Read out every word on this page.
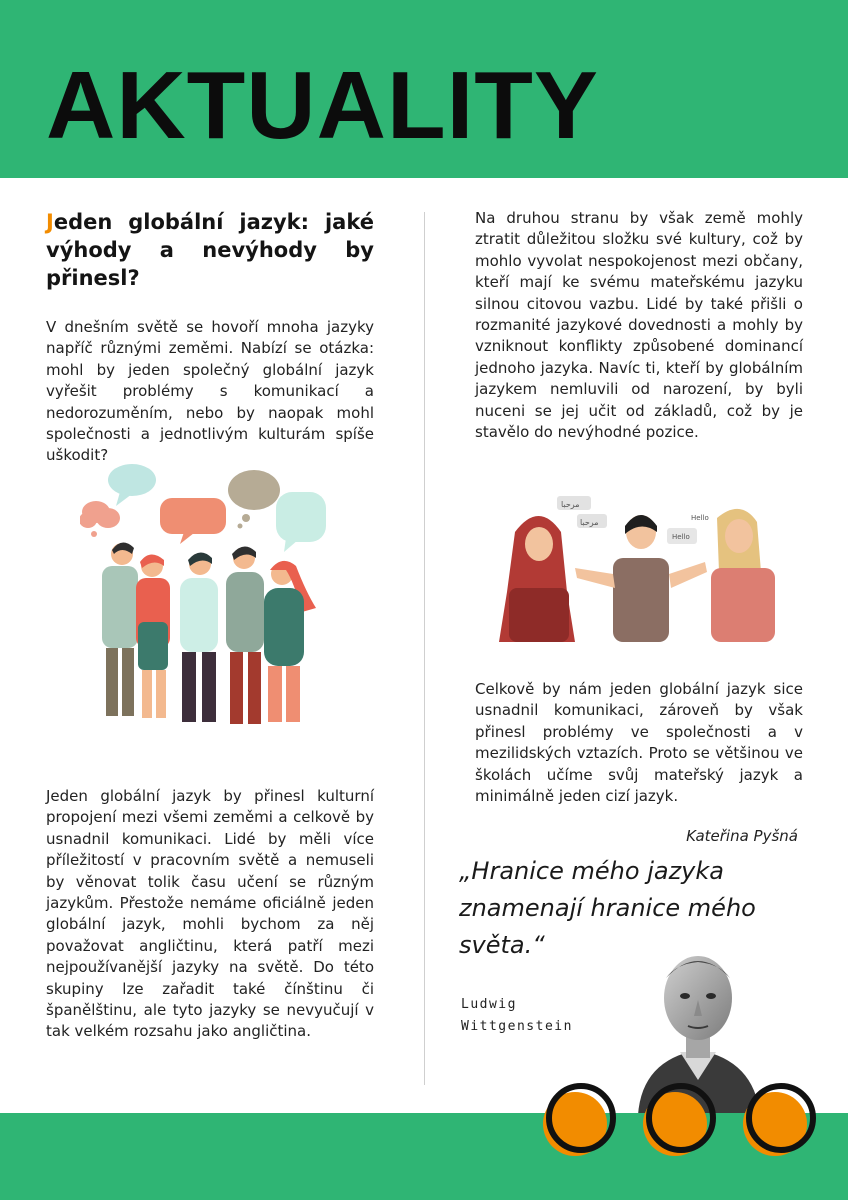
AKTUALITY
Jeden globální jazyk: jaké výhody a nevýhody by přinesl?

V dnešním světě se hovoří mnoha jazyky napříč různými zeměmi. Nabízí se otázka: mohl by jeden společný globální jazyk vyřešit problémy s komunikací a nedorozuměním, nebo by naopak mohl společnosti a jednotlivým kulturám spíše uškodit?

Jeden globální jazyk by přinesl kulturní propojení mezi všemi zeměmi a celkově by usnadnil komunikaci. Lidé by měli více příležitostí v pracovním světě a nemuseli by věnovat tolik času učení se různým jazykům. Přestože nemáme oficiálně jeden globální jazyk, mohli bychom za něj považovat angličtinu, která patří mezi nejpoužívanější jazyky na světě. Do této skupiny lze zařadit také čínštinu či španělštinu, ale tyto jazyky se nevyučují v tak velkém rozsahu jako angličtina.

Na druhou stranu by však země mohly ztratit důležitou složku své kultury, což by mohlo vyvolat nespokojenost mezi občany, kteří mají ke svému mateřskému jazyku silnou citovou vazbu. Lidé by také přišli o rozmanité jazykové dovednosti a mohly by vzniknout konflikty způsobené dominancí jednoho jazyka. Navíc ti, kteří by globálním jazykem nemluvili od narození, by byli nuceni se jej učit od základů, což by je stavělo do nevýhodné pozice.

مرحبا
مرحبا	Hello
Hello

Celkově by nám jeden globální jazyk sice usnadnil komunikaci, zároveň by však přinesl problémy ve společnosti a v mezilidských vztazích. Proto se většinou ve školách učíme svůj mateřský jazyk a minimálně jeden cizí jazyk.

Kateřina Pyšná
„Hranice mého jazyka znamenají hranice mého světa.“
Ludwig
Wittgenstein
